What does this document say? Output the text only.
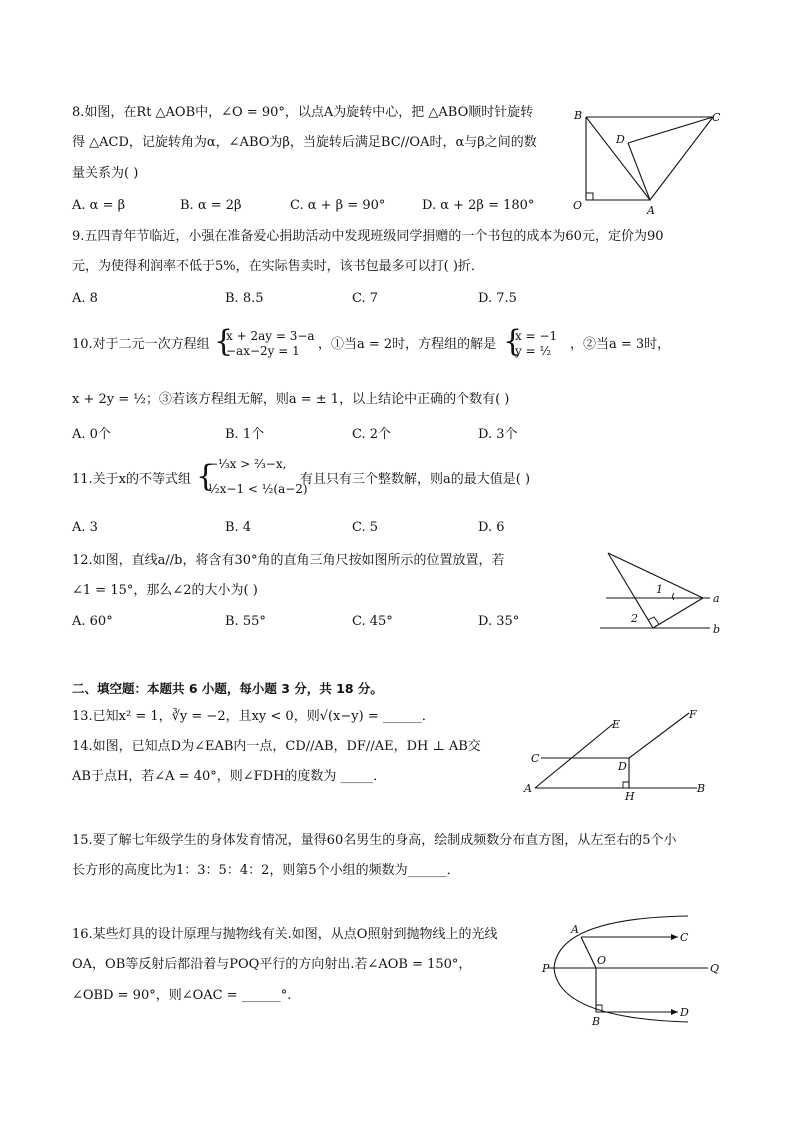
8.如图，在Rt △AOB中，∠O = 90°，以点A为旋转中心，把 △ABO顺时针旋转
得 △ACD，记旋转角为α，∠ABO为β，当旋转后满足BC//OA时，α与β之间的数
量关系为( )
A. α = β	B. α = 2β	C. α + β = 90°	D. α + 2β = 180°
B	C
D
O	A
9.五四青年节临近，小强在准备爱心捐助活动中发现班级同学捐赠的一个书包的成本为60元，定价为90
元，为使得利润率不低于5%，在实际售卖时，该书包最多可以打( )折．
A. 8	B. 8.5	C. 7	D. 7.5
10.对于二元一次方程组 {
x + 2ay = 3−a
−ax−2y = 1 ，①当a = 2时，方程组的解是 {
x = −1
y = ½ ，②当a = 3时，
x + 2y = ½；③若该方程组无解，则a = ± 1，以上结论中正确的个数有( )
A. 0个	B. 1个	C. 2个	D. 3个
11.关于x的不等式组 {
−⅓x > ⅔−x,
½x−1 < ½(a−2)
有且只有三个整数解，则a的最大值是( )
A. 3	B. 4	C. 5	D. 6
12.如图，直线a//b，将含有30°角的直角三角尺按如图所示的位置放置，若
∠1 = 15°，那么∠2的大小为( )
A. 60°	B. 55°	C. 45°	D. 35°
1
a
2
b
二、填空题：本题共 6 小题，每小题 3 分，共 18 分。
13.已知x² = 1，∛y = −2，且xy < 0，则√(x−y) = ______．
14.如图，已知点D为∠EAB内一点，CD//AB，DF//AE，DH ⊥ AB交
AB于点H，若∠A = 40°，则∠FDH的度数为 _____．
E
F
C
D
A
H
B
15.要了解七年级学生的身体发育情况，量得60名男生的身高，绘制成频数分布直方图，从左至右的5个小
长方形的高度比为1：3：5：4：2，则第5个小组的频数为______．
16.某些灯具的设计原理与抛物线有关.如图，从点O照射到抛物线上的光线
OA，OB等反射后都沿着与POQ平行的方向射出.若∠AOB = 150°，
∠OBD = 90°，则∠OAC = ______°.
A
C
P
O
Q
B
D
